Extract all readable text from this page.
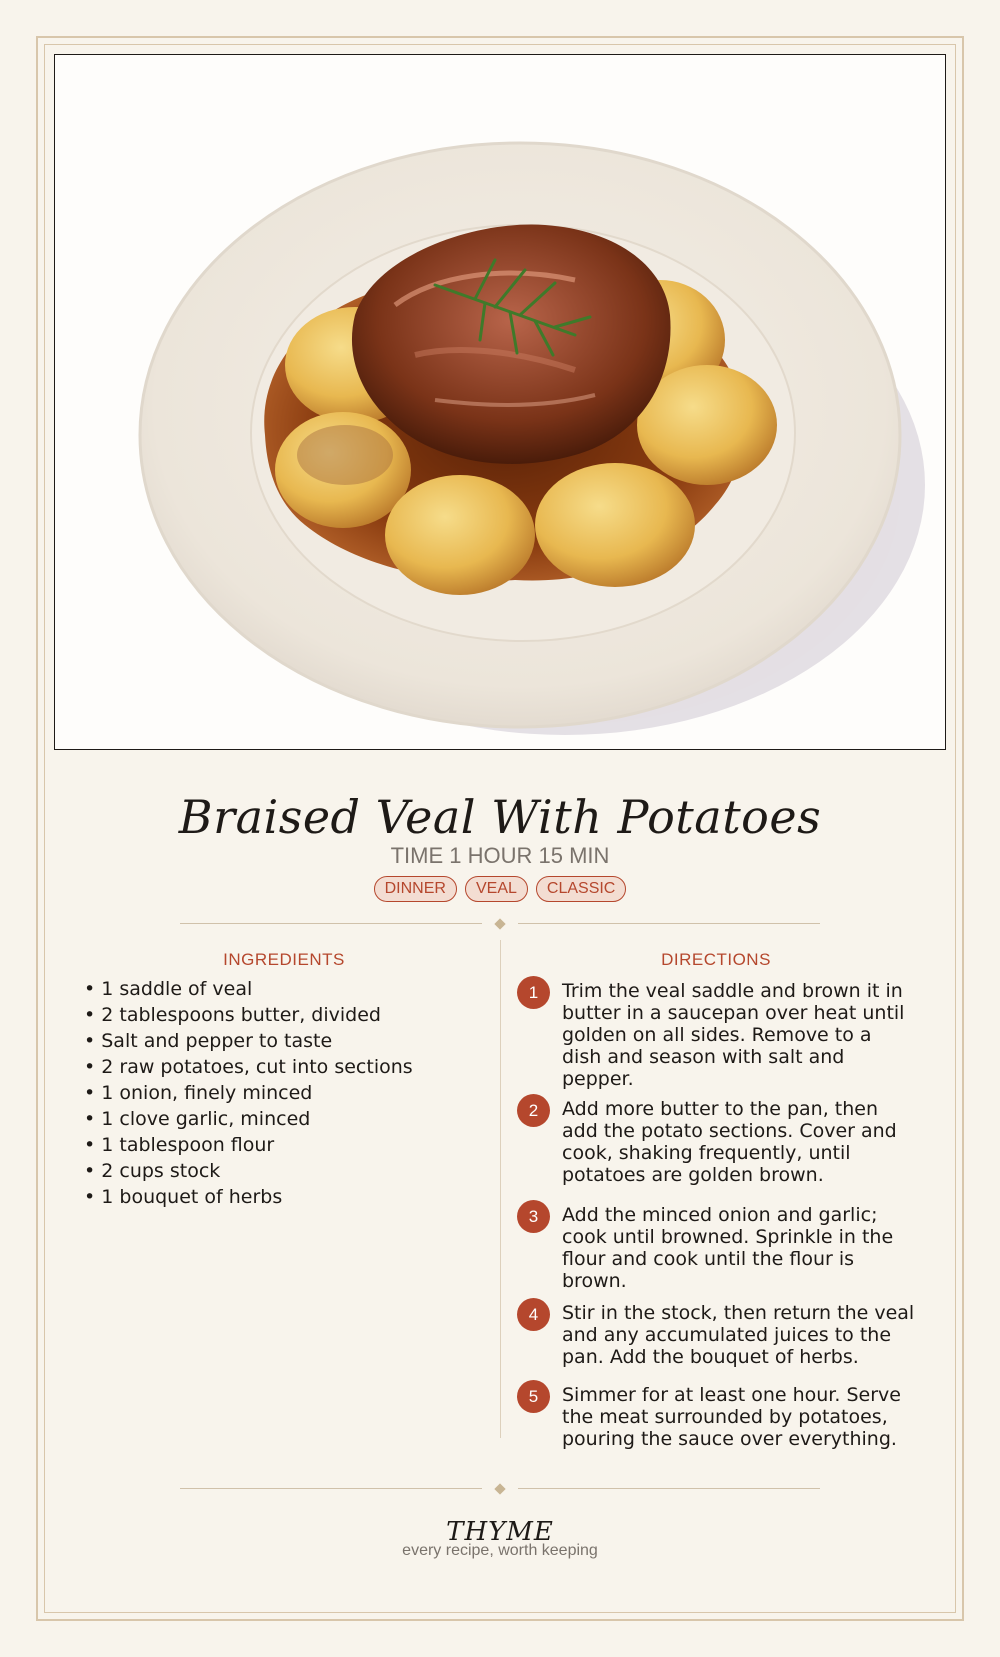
Braised Veal With Potatoes
TIME 1 HOUR 15 MIN
DINNER	VEAL	CLASSIC
INGREDIENTS	DIRECTIONS
• 1 saddle of veal
• 2 tablespoons butter, divided
• Salt and pepper to taste
• 2 raw potatoes, cut into sections
• 1 onion, finely minced
• 1 clove garlic, minced
• 1 tablespoon flour
• 2 cups stock
• 1 bouquet of herbs
1	Trim the veal saddle and brown it in butter in a saucepan over heat until golden on all sides. Remove to a dish and season with salt and pepper.
2	Add more butter to the pan, then add the potato sections. Cover and cook, shaking frequently, until potatoes are golden brown.
3	Add the minced onion and garlic; cook until browned. Sprinkle in the flour and cook until the flour is brown.
4	Stir in the stock, then return the veal and any accumulated juices to the pan. Add the bouquet of herbs.
5	Simmer for at least one hour. Serve the meat surrounded by potatoes, pouring the sauce over everything.
THYME
every recipe, worth keeping
